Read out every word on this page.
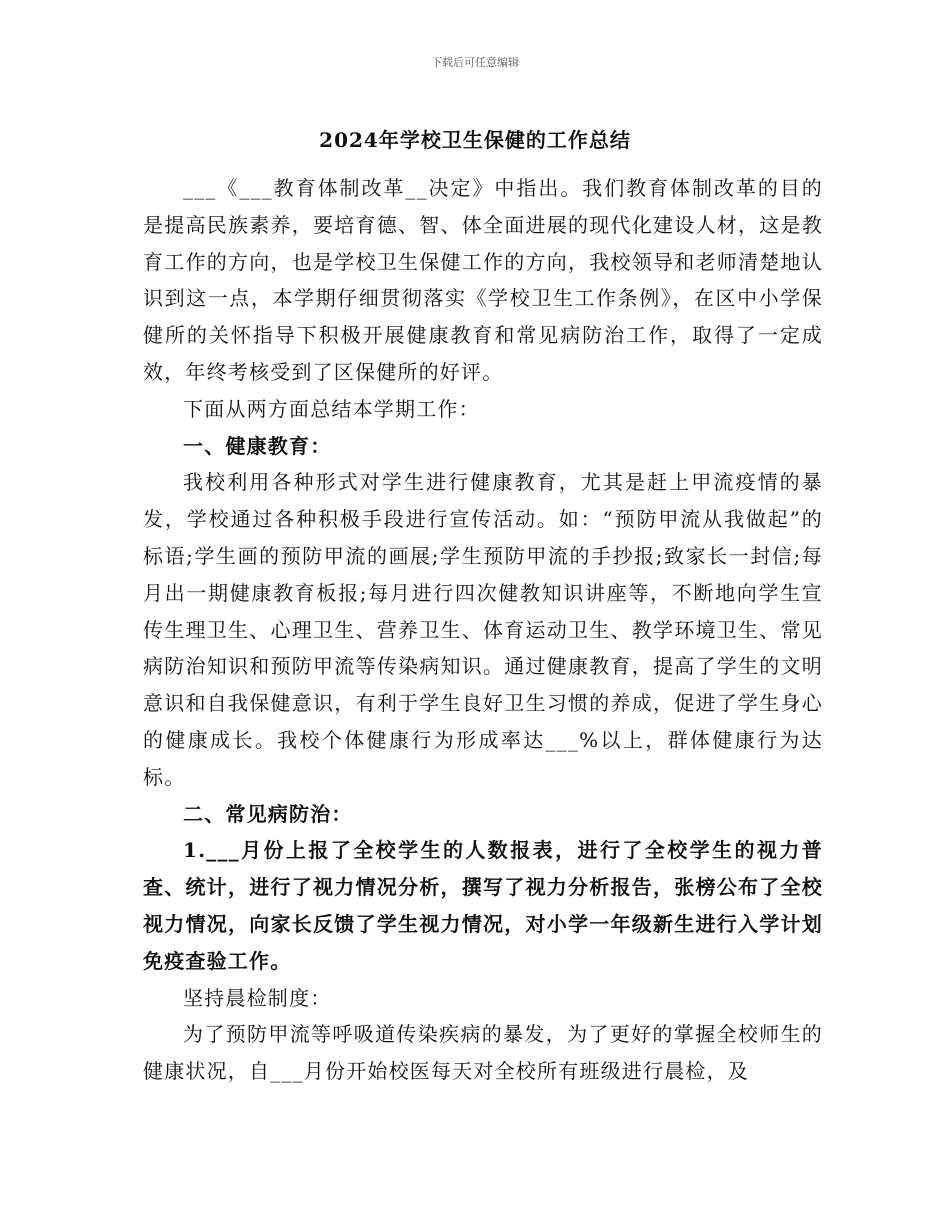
下载后可任意编辑
2024年学校卫生保健的工作总结

___《___教育体制改革__决定》中指出。我们教育体制改革的目的是提高民族素养，要培育德、智、体全面进展的现代化建设人材，这是教育工作的方向，也是学校卫生保健工作的方向，我校领导和老师清楚地认识到这一点，本学期仔细贯彻落实《学校卫生工作条例》，在区中小学保健所的关怀指导下积极开展健康教育和常见病防治工作，取得了一定成效，年终考核受到了区保健所的好评。

下面从两方面总结本学期工作：

一、健康教育：

我校利用各种形式对学生进行健康教育，尤其是赶上甲流疫情的暴发，学校通过各种积极手段进行宣传活动。如：“预防甲流从我做起”的标语;学生画的预防甲流的画展;学生预防甲流的手抄报;致家长一封信;每月出一期健康教育板报;每月进行四次健教知识讲座等，不断地向学生宣传生理卫生、心理卫生、营养卫生、体育运动卫生、教学环境卫生、常见病防治知识和预防甲流等传染病知识。通过健康教育，提高了学生的文明意识和自我保健意识，有利于学生良好卫生习惯的养成，促进了学生身心的健康成长。我校个体健康行为形成率达___%以上，群体健康行为达标。

二、常见病防治：

1.___月份上报了全校学生的人数报表，进行了全校学生的视力普查、统计，进行了视力情况分析，撰写了视力分析报告，张榜公布了全校视力情况，向家长反馈了学生视力情况，对小学一年级新生进行入学计划免疫查验工作。

坚持晨检制度：

为了预防甲流等呼吸道传染疾病的暴发，为了更好的掌握全校师生的健康状况，自___月份开始校医每天对全校所有班级进行晨检，及
